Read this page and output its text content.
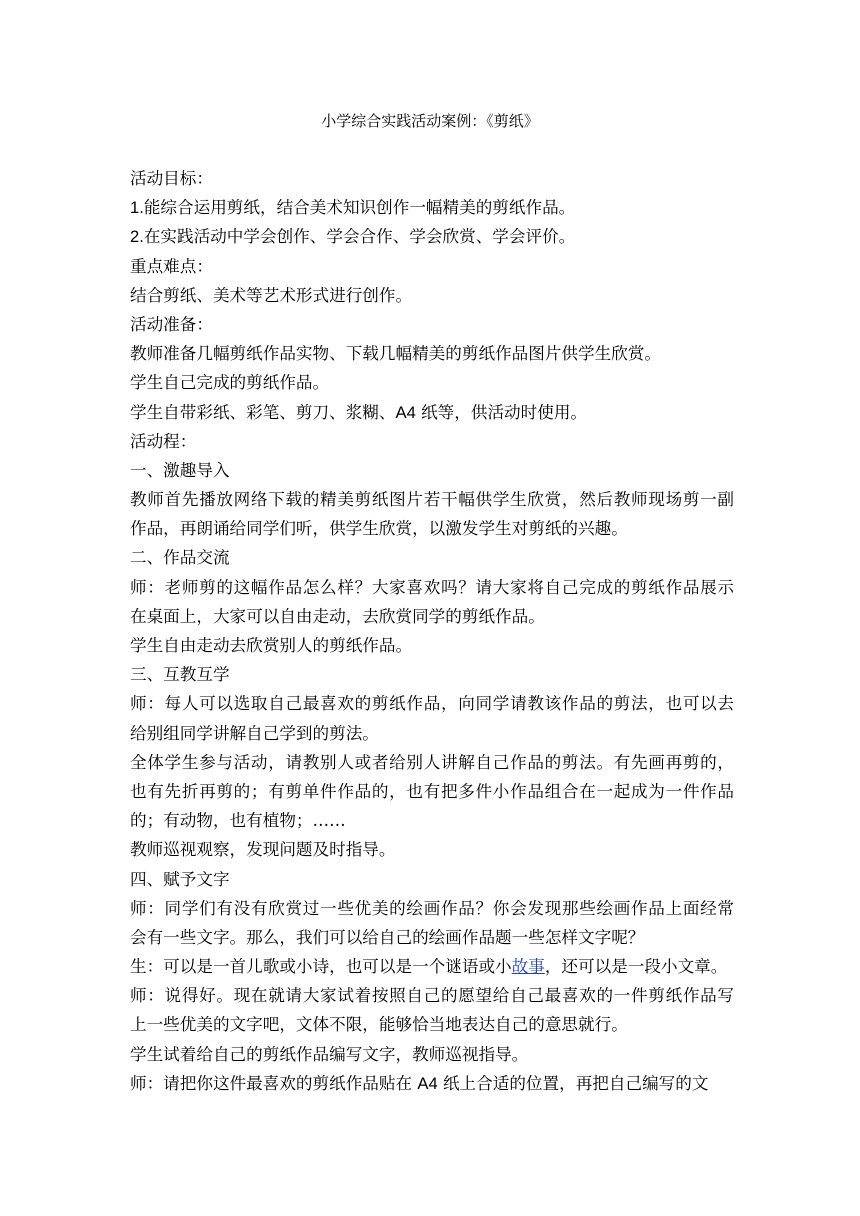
小学综合实践活动案例：《剪纸》
活动目标：
1.能综合运用剪纸，结合美术知识创作一幅精美的剪纸作品。
2.在实践活动中学会创作、学会合作、学会欣赏、学会评价。
重点难点：
结合剪纸、美术等艺术形式进行创作。
活动准备：
教师准备几幅剪纸作品实物、下载几幅精美的剪纸作品图片供学生欣赏。
学生自己完成的剪纸作品。
学生自带彩纸、彩笔、剪刀、浆糊、A4 纸等，供活动时使用。
活动程：
一、激趣导入
教师首先播放网络下载的精美剪纸图片若干幅供学生欣赏，然后教师现场剪一副
作品，再朗诵给同学们听，供学生欣赏，以激发学生对剪纸的兴趣。
二、作品交流
师：老师剪的这幅作品怎么样？大家喜欢吗？请大家将自己完成的剪纸作品展示
在桌面上，大家可以自由走动，去欣赏同学的剪纸作品。
学生自由走动去欣赏别人的剪纸作品。
三、互教互学
师：每人可以选取自己最喜欢的剪纸作品，向同学请教该作品的剪法，也可以去
给别组同学讲解自己学到的剪法。
全体学生参与活动，请教别人或者给别人讲解自己作品的剪法。有先画再剪的，
也有先折再剪的；有剪单件作品的，也有把多件小作品组合在一起成为一件作品
的；有动物，也有植物；……
教师巡视观察，发现问题及时指导。
四、赋予文字
师：同学们有没有欣赏过一些优美的绘画作品？你会发现那些绘画作品上面经常
会有一些文字。那么，我们可以给自己的绘画作品题一些怎样文字呢？
生：可以是一首儿歌或小诗，也可以是一个谜语或小故事，还可以是一段小文章。
师：说得好。现在就请大家试着按照自己的愿望给自己最喜欢的一件剪纸作品写
上一些优美的文字吧，文体不限，能够恰当地表达自己的意思就行。
学生试着给自己的剪纸作品编写文字，教师巡视指导。
师：请把你这件最喜欢的剪纸作品贴在 A4 纸上合适的位置，再把自己编写的文
